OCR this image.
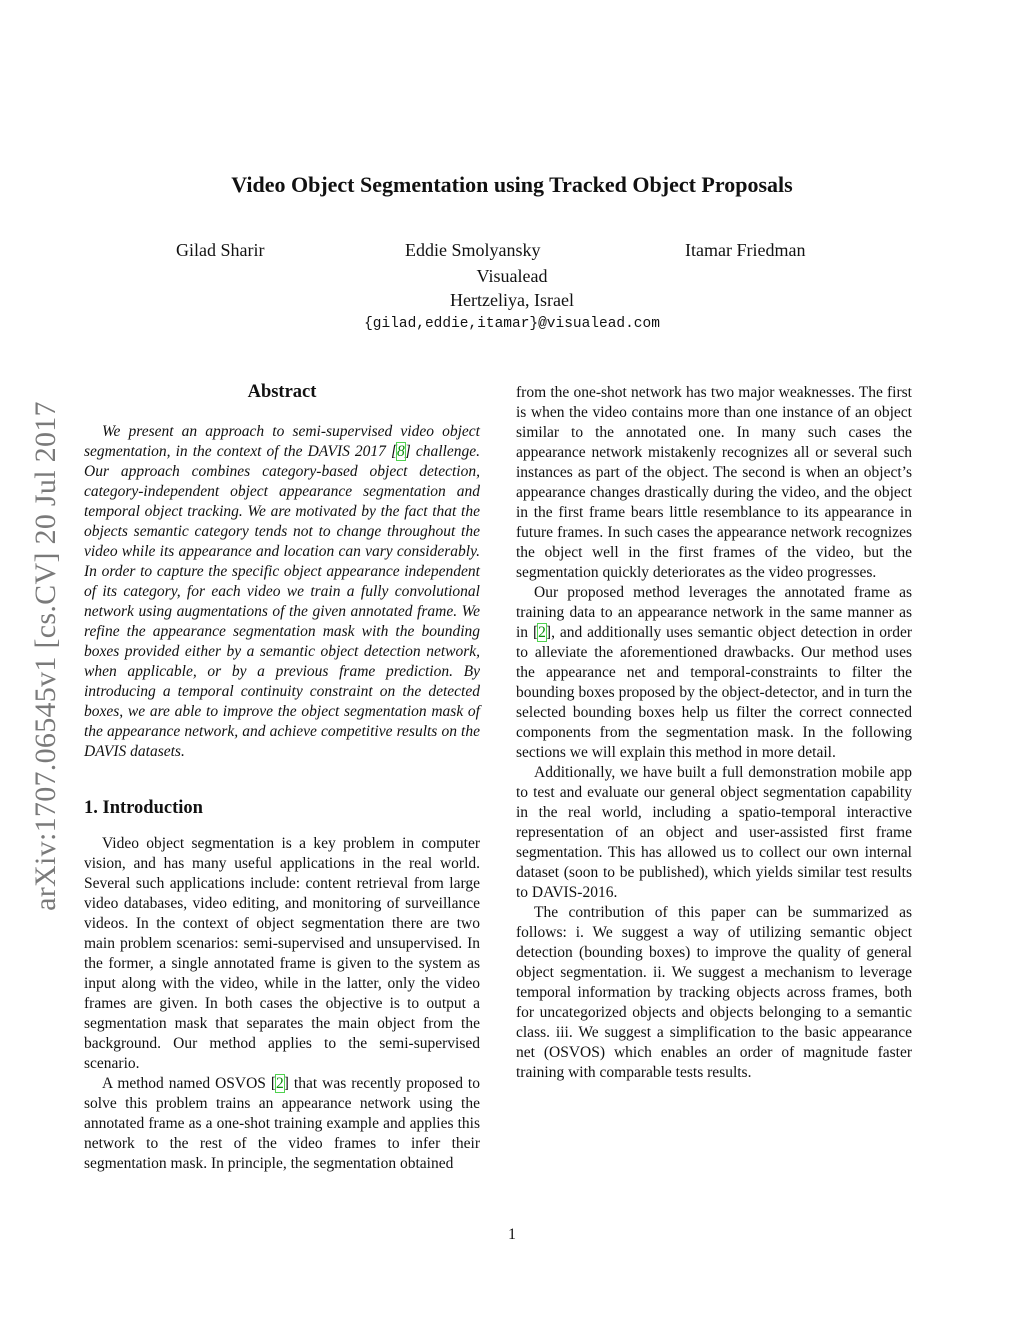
arXiv:1707.06545v1 [cs.CV] 20 Jul 2017
Video Object Segmentation using Tracked Object Proposals
Gilad Sharir	Eddie Smolyansky	Itamar Friedman
Visualead
Hertzeliya, Israel
{gilad,eddie,itamar}@visualead.com
Abstract

We present an approach to semi-supervised video object segmentation, in the context of the DAVIS 2017 [8] challenge. Our approach combines category-based object detection, category-independent object appearance segmentation and temporal object tracking. We are motivated by the fact that the objects semantic category tends not to change throughout the video while its appearance and location can vary considerably. In order to capture the specific object appearance independent of its category, for each video we train a fully convolutional network using augmentations of the given annotated frame. We refine the appearance segmentation mask with the bounding boxes provided either by a semantic object detection network, when applicable, or by a previous frame prediction. By introducing a temporal continuity constraint on the detected boxes, we are able to improve the object segmentation mask of the appearance network, and achieve competitive results on the DAVIS datasets.

1. Introduction

Video object segmentation is a key problem in computer vision, and has many useful applications in the real world. Several such applications include: content retrieval from large video databases, video editing, and monitoring of surveillance videos. In the context of object segmentation there are two main problem scenarios: semi-supervised and unsupervised. In the former, a single annotated frame is given to the system as input along with the video, while in the latter, only the video frames are given. In both cases the objective is to output a segmentation mask that separates the main object from the background. Our method applies to the semi-supervised scenario.

A method named OSVOS [2] that was recently proposed to solve this problem trains an appearance network using the annotated frame as a one-shot training example and applies this network to the rest of the video frames to infer their segmentation mask. In principle, the segmentation obtained

from the one-shot network has two major weaknesses. The first is when the video contains more than one instance of an object similar to the annotated one. In many such cases the appearance network mistakenly recognizes all or several such instances as part of the object. The second is when an object’s appearance changes drastically during the video, and the object in the first frame bears little resemblance to its appearance in future frames. In such cases the appearance network recognizes the object well in the first frames of the video, but the segmentation quickly deteriorates as the video progresses.

Our proposed method leverages the annotated frame as training data to an appearance network in the same manner as in [2], and additionally uses semantic object detection in order to alleviate the aforementioned drawbacks. Our method uses the appearance net and temporal-constraints to filter the bounding boxes proposed by the object-detector, and in turn the selected bounding boxes help us filter the correct connected components from the segmentation mask. In the following sections we will explain this method in more detail.

Additionally, we have built a full demonstration mobile app to test and evaluate our general object segmentation capability in the real world, including a spatio-temporal interactive representation of an object and user-assisted first frame segmentation. This has allowed us to collect our own internal dataset (soon to be published), which yields similar test results to DAVIS-2016.

The contribution of this paper can be summarized as follows: i. We suggest a way of utilizing semantic object detection (bounding boxes) to improve the quality of general object segmentation. ii. We suggest a mechanism to leverage temporal information by tracking objects across frames, both for uncategorized objects and objects belonging to a semantic class. iii. We suggest a simplification to the basic appearance net (OSVOS) which enables an order of magnitude faster training with comparable tests results.

1
